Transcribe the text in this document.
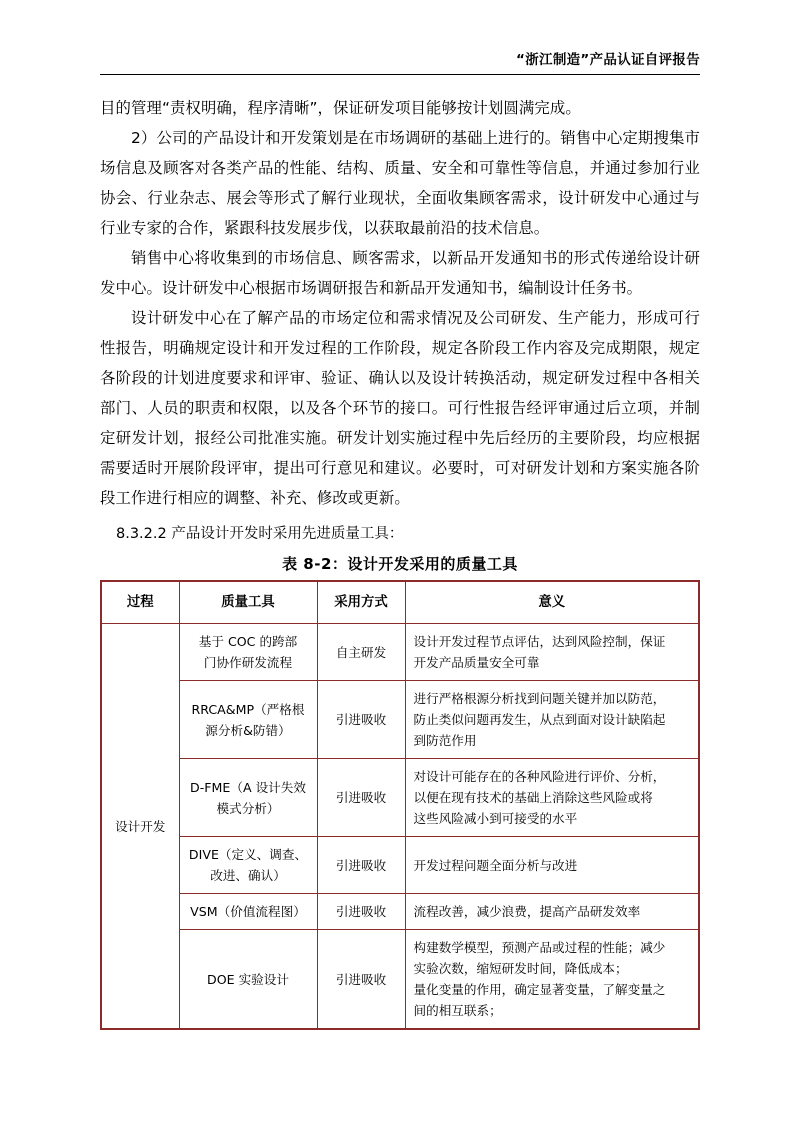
“浙江制造”产品认证自评报告

目的管理“责权明确，程序清晰”，保证研发项目能够按计划圆满完成。

2）公司的产品设计和开发策划是在市场调研的基础上进行的。销售中心定期搜集市场信息及顾客对各类产品的性能、结构、质量、安全和可靠性等信息，并通过参加行业协会、行业杂志、展会等形式了解行业现状，全面收集顾客需求，设计研发中心通过与行业专家的合作，紧跟科技发展步伐，以获取最前沿的技术信息。

销售中心将收集到的市场信息、顾客需求，以新品开发通知书的形式传递给设计研发中心。设计研发中心根据市场调研报告和新品开发通知书，编制设计任务书。

设计研发中心在了解产品的市场定位和需求情况及公司研发、生产能力，形成可行性报告，明确规定设计和开发过程的工作阶段，规定各阶段工作内容及完成期限，规定各阶段的计划进度要求和评审、验证、确认以及设计转换活动，规定研发过程中各相关部门、人员的职责和权限，以及各个环节的接口。可行性报告经评审通过后立项，并制定研发计划，报经公司批准实施。研发计划实施过程中先后经历的主要阶段，均应根据需要适时开展阶段评审，提出可行意见和建议。必要时，可对研发计划和方案实施各阶段工作进行相应的调整、补充、修改或更新。

8.3.2.2 产品设计开发时采用先进质量工具：

表 8-2：设计开发采用的质量工具
过程	质量工具	采用方式	意义
设计开发	基于 COC 的跨部
门协作研发流程	自主研发	设计开发过程节点评估，达到风险控制，保证
开发产品质量安全可靠

	RRCA&MP（严格根
源分析&防错）	引进吸收	进行严格根源分析找到问题关键并加以防范，
防止类似问题再发生，从点到面对设计缺陷起
到防范作用

	D-FME（A 设计失效
模式分析）	引进吸收	对设计可能存在的各种风险进行评价、分析，
以便在现有技术的基础上消除这些风险或将
这些风险减小到可接受的水平

	DIVE（定义、调查、
改进、确认）	引进吸收	开发过程问题全面分析与改进

	VSM（价值流程图）	引进吸收	流程改善，减少浪费，提高产品研发效率

	DOE 实验设计	引进吸收	构建数学模型，预测产品或过程的性能；减少
实验次数，缩短研发时间，降低成本；
量化变量的作用，确定显著变量，了解变量之
间的相互联系；
